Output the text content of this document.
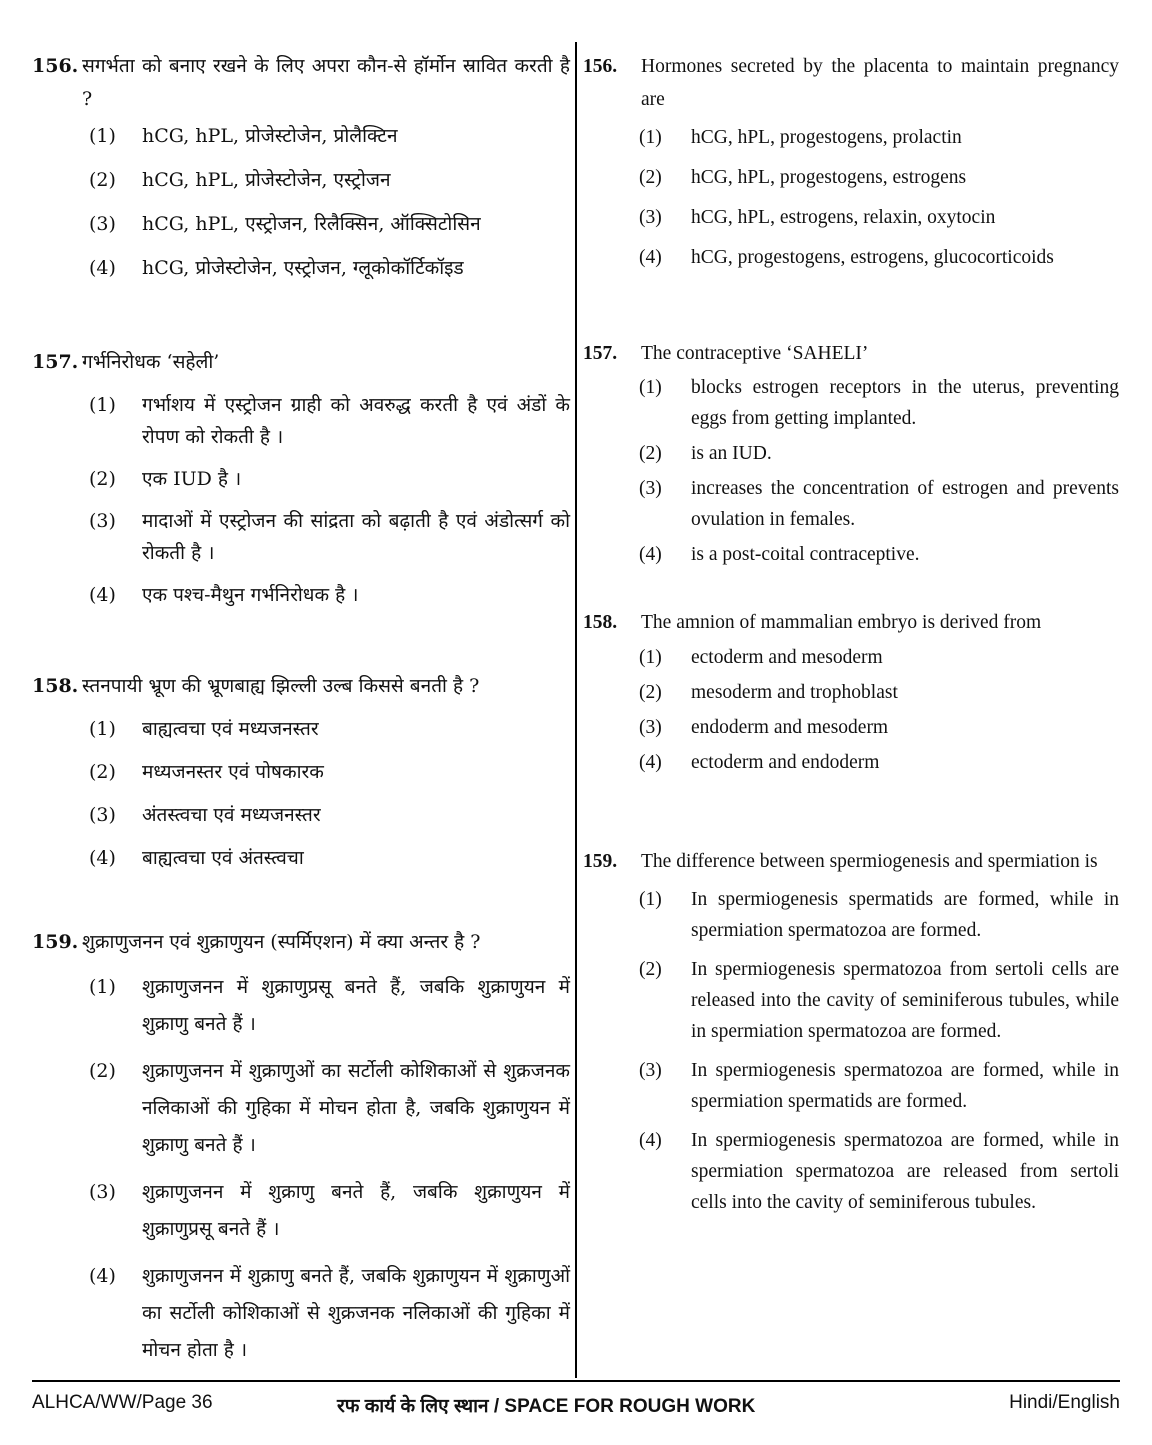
156. सगर्भता को बनाए रखने के लिए अपरा कौन-से हॉर्मोन स्रावित करती है ?
(1) hCG, hPL, प्रोजेस्टोजेन, प्रोलैक्टिन
(2) hCG, hPL, प्रोजेस्टोजेन, एस्ट्रोजन
(3) hCG, hPL, एस्ट्रोजन, रिलैक्सिन, ऑक्सिटोसिन
(4) hCG, प्रोजेस्टोजेन, एस्ट्रोजन, ग्लूकोकॉर्टिकॉइड
157. गर्भनिरोधक ‘सहेली’
(1) गर्भाशय में एस्ट्रोजन ग्राही को अवरुद्ध करती है एवं अंडों के रोपण को रोकती है ।
(2) एक IUD है ।
(3) मादाओं में एस्ट्रोजन की सांद्रता को बढ़ाती है एवं अंडोत्सर्ग को रोकती है ।
(4) एक पश्च-मैथुन गर्भनिरोधक है ।
158. स्तनपायी भ्रूण की भ्रूणबाह्य झिल्ली उल्ब किससे बनती है ?
(1) बाह्यत्वचा एवं मध्यजनस्तर
(2) मध्यजनस्तर एवं पोषकारक
(3) अंतस्त्वचा एवं मध्यजनस्तर
(4) बाह्यत्वचा एवं अंतस्त्वचा
159. शुक्राणुजनन एवं शुक्राणुयन (स्पर्मिएशन) में क्या अन्तर है ?
(1) शुक्राणुजनन में शुक्राणुप्रसू बनते हैं, जबकि शुक्राणुयन में शुक्राणु बनते हैं ।
(2) शुक्राणुजनन में शुक्राणुओं का सर्टोली कोशिकाओं से शुक्रजनक नलिकाओं की गुहिका में मोचन होता है, जबकि शुक्राणुयन में शुक्राणु बनते हैं ।
(3) शुक्राणुजनन में शुक्राणु बनते हैं, जबकि शुक्राणुयन में शुक्राणुप्रसू बनते हैं ।
(4) शुक्राणुजनन में शुक्राणु बनते हैं, जबकि शुक्राणुयन में शुक्राणुओं का सर्टोली कोशिकाओं से शुक्रजनक नलिकाओं की गुहिका में मोचन होता है ।
156. Hormones secreted by the placenta to maintain pregnancy are
(1) hCG, hPL, progestogens, prolactin
(2) hCG, hPL, progestogens, estrogens
(3) hCG, hPL, estrogens, relaxin, oxytocin
(4) hCG, progestogens, estrogens, glucocorticoids
157. The contraceptive ‘SAHELI’
(1) blocks estrogen receptors in the uterus, preventing eggs from getting implanted.
(2) is an IUD.
(3) increases the concentration of estrogen and prevents ovulation in females.
(4) is a post-coital contraceptive.
158. The amnion of mammalian embryo is derived from
(1) ectoderm and mesoderm
(2) mesoderm and trophoblast
(3) endoderm and mesoderm
(4) ectoderm and endoderm
159. The difference between spermiogenesis and spermiation is
(1) In spermiogenesis spermatids are formed, while in spermiation spermatozoa are formed.
(2) In spermiogenesis spermatozoa from sertoli cells are released into the cavity of seminiferous tubules, while in spermiation spermatozoa are formed.
(3) In spermiogenesis spermatozoa are formed, while in spermiation spermatids are formed.
(4) In spermiogenesis spermatozoa are formed, while in spermiation spermatozoa are released from sertoli cells into the cavity of seminiferous tubules.
ALHCA/WW/Page 36	रफ कार्य के लिए स्थान / SPACE FOR ROUGH WORK	Hindi/English
